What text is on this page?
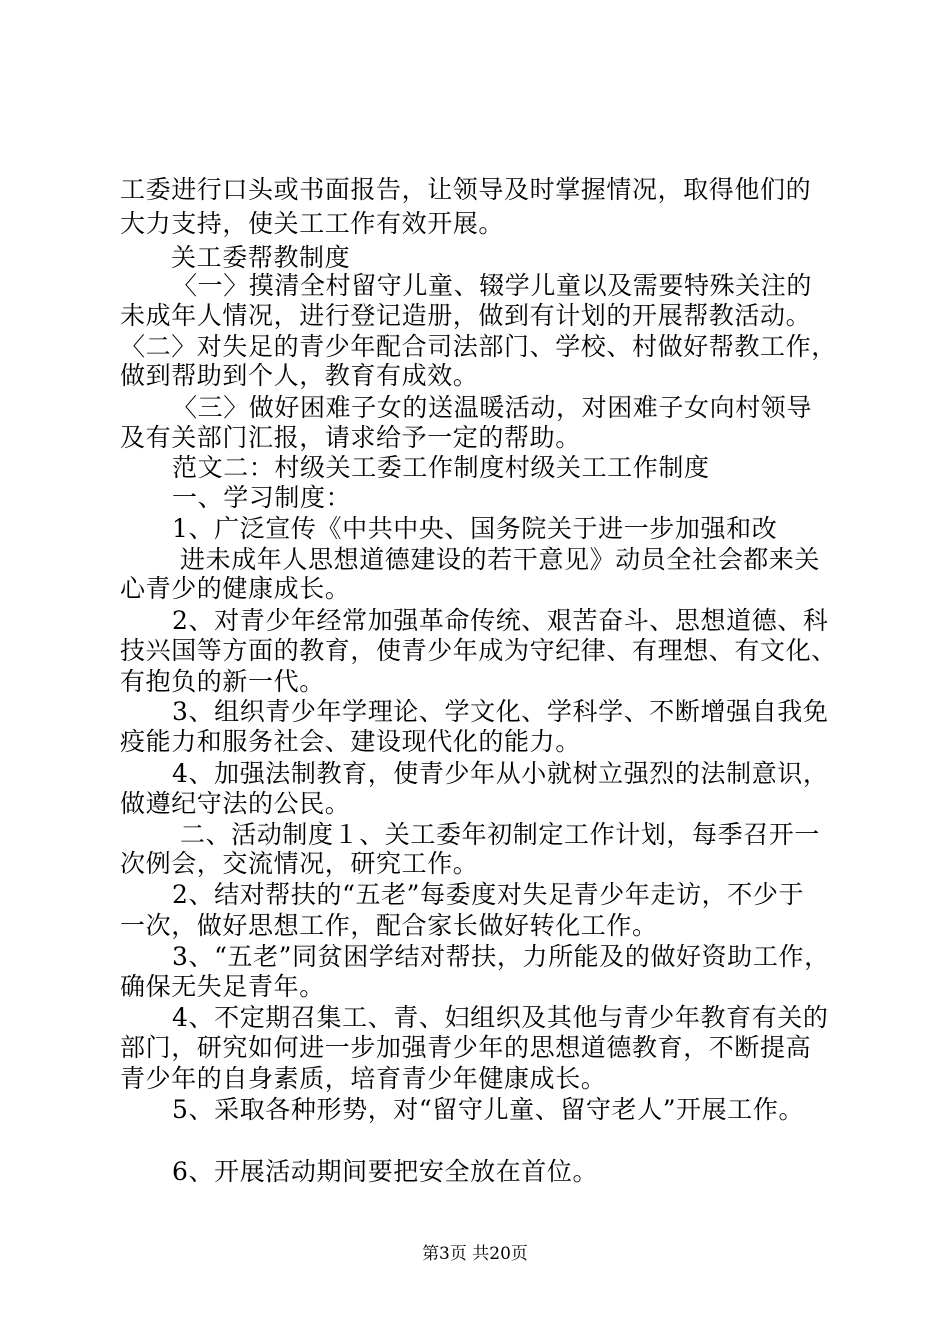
工委进行口头或书面报告，让领导及时掌握情况，取得他们的
大力支持，使关工工作有效开展。
关工委帮教制度
〈一〉摸清全村留守儿童、辍学儿童以及需要特殊关注的
未成年人情况，进行登记造册，做到有计划的开展帮教活动。
〈二〉对失足的青少年配合司法部门、学校、村做好帮教工作，
做到帮助到个人，教育有成效。
〈三〉做好困难子女的送温暖活动，对困难子女向村领导
及有关部门汇报，请求给予一定的帮助。
范文二：村级关工委工作制度村级关工工作制度
一、学习制度：
1、广泛宣传《中共中央、国务院关于进一步加强和改
进未成年人思想道德建设的若干意见》动员全社会都来关
心青少的健康成长。
2、对青少年经常加强革命传统、艰苦奋斗、思想道德、科
技兴国等方面的教育，使青少年成为守纪律、有理想、有文化、
有抱负的新一代。
3、组织青少年学理论、学文化、学科学、不断增强自我免
疫能力和服务社会、建设现代化的能力。
4、加强法制教育，使青少年从小就树立强烈的法制意识，
做遵纪守法的公民。
二、活动制度１、关工委年初制定工作计划，每季召开一
次例会，交流情况，研究工作。
2、结对帮扶的“五老”每委度对失足青少年走访，不少于
一次，做好思想工作，配合家长做好转化工作。
3、“五老”同贫困学结对帮扶，力所能及的做好资助工作，
确保无失足青年。
4、不定期召集工、青、妇组织及其他与青少年教育有关的
部门，研究如何进一步加强青少年的思想道德教育，不断提高
青少年的自身素质，培育青少年健康成长。
5、采取各种形势，对“留守儿童、留守老人”开展工作。
6、开展活动期间要把安全放在首位。
第3页 共20页
